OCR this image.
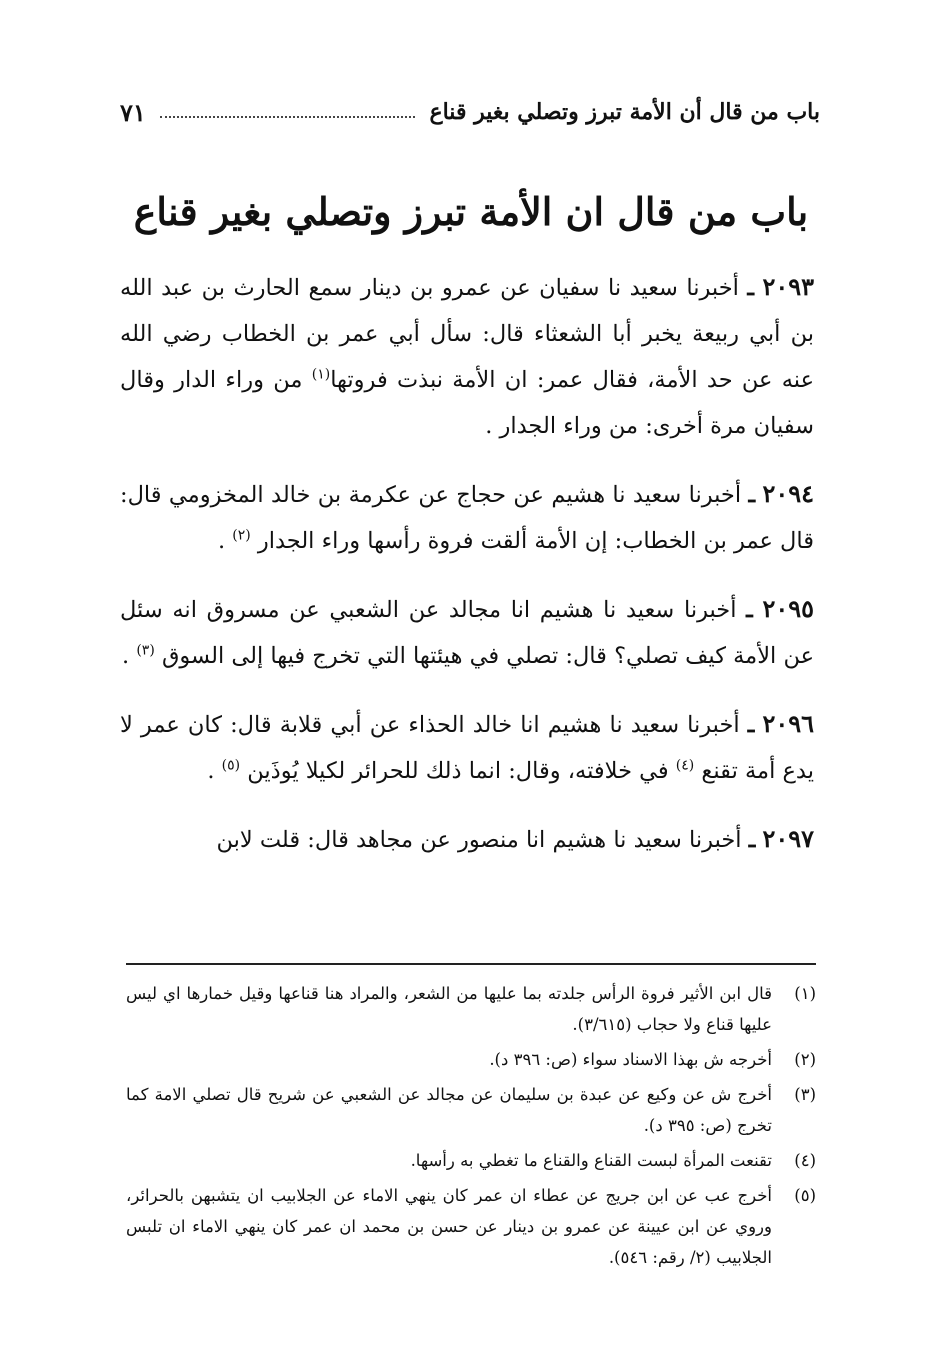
باب من قال أن الأمة تبرز وتصلي بغير قناع
٧١
باب من قال ان الأمة تبرز وتصلي بغير قناع

٢٠٩٣ ـ أخبرنا سعيد نا سفيان عن عمرو بن دينار سمع الحارث بن عبد الله بن أبي ربيعة يخبر أبا الشعثاء قال: سأل أبي عمر بن الخطاب رضي الله عنه عن حد الأمة، فقال عمر: ان الأمة نبذت فروتها$^{(١)}$ من وراء الدار وقال سفيان مرة أخرى: من وراء الجدار .

٢٠٩٤ ـ أخبرنا سعيد نا هشيم عن حجاج عن عكرمة بن خالد المخزومي قال: قال عمر بن الخطاب: إن الأمة ألقت فروة رأسها وراء الجدار $^{(٢)}$ .

٢٠٩٥ ـ أخبرنا سعيد نا هشيم انا مجالد عن الشعبي عن مسروق انه سئل عن الأمة كيف تصلي؟ قال: تصلي في هيئتها التي تخرج فيها إلى السوق $^{(٣)}$ .

٢٠٩٦ ـ أخبرنا سعيد نا هشيم انا خالد الحذاء عن أبي قلابة قال: كان عمر لا يدع أمة تقنع $^{(٤)}$ في خلافته، وقال: انما ذلك للحرائر لكيلا يُوذَين $^{(٥)}$ .

٢٠٩٧ ـ أخبرنا سعيد نا هشيم انا منصور عن مجاهد قال: قلت لابن

(١)
قال ابن الأثير فروة الرأس جلدته بما عليها من الشعر، والمراد هنا قناعها وقيل خمارها اي ليس عليها قناع ولا حجاب (٣/٦١٥).
(٢)
أخرجه ش بهذا الاسناد سواء (ص: ٣٩٦ د).
(٣)
أخرج ش عن وكيع عن عبدة بن سليمان عن مجالد عن الشعبي عن شريح قال تصلي الامة كما تخرج (ص: ٣٩٥ د).
(٤)
تقنعت المرأة لبست القناع والقناع ما تغطي به رأسها.
(٥)
أخرج عب عن ابن جريج عن عطاء ان عمر كان ينهي الاماء عن الجلابيب ان يتشبهن بالحرائر، وروي عن ابن عيينة عن عمرو بن دينار عن حسن بن محمد ان عمر كان ينهي الاماء ان تلبس الجلابيب (٢/ رقم: ٥٤٦).
